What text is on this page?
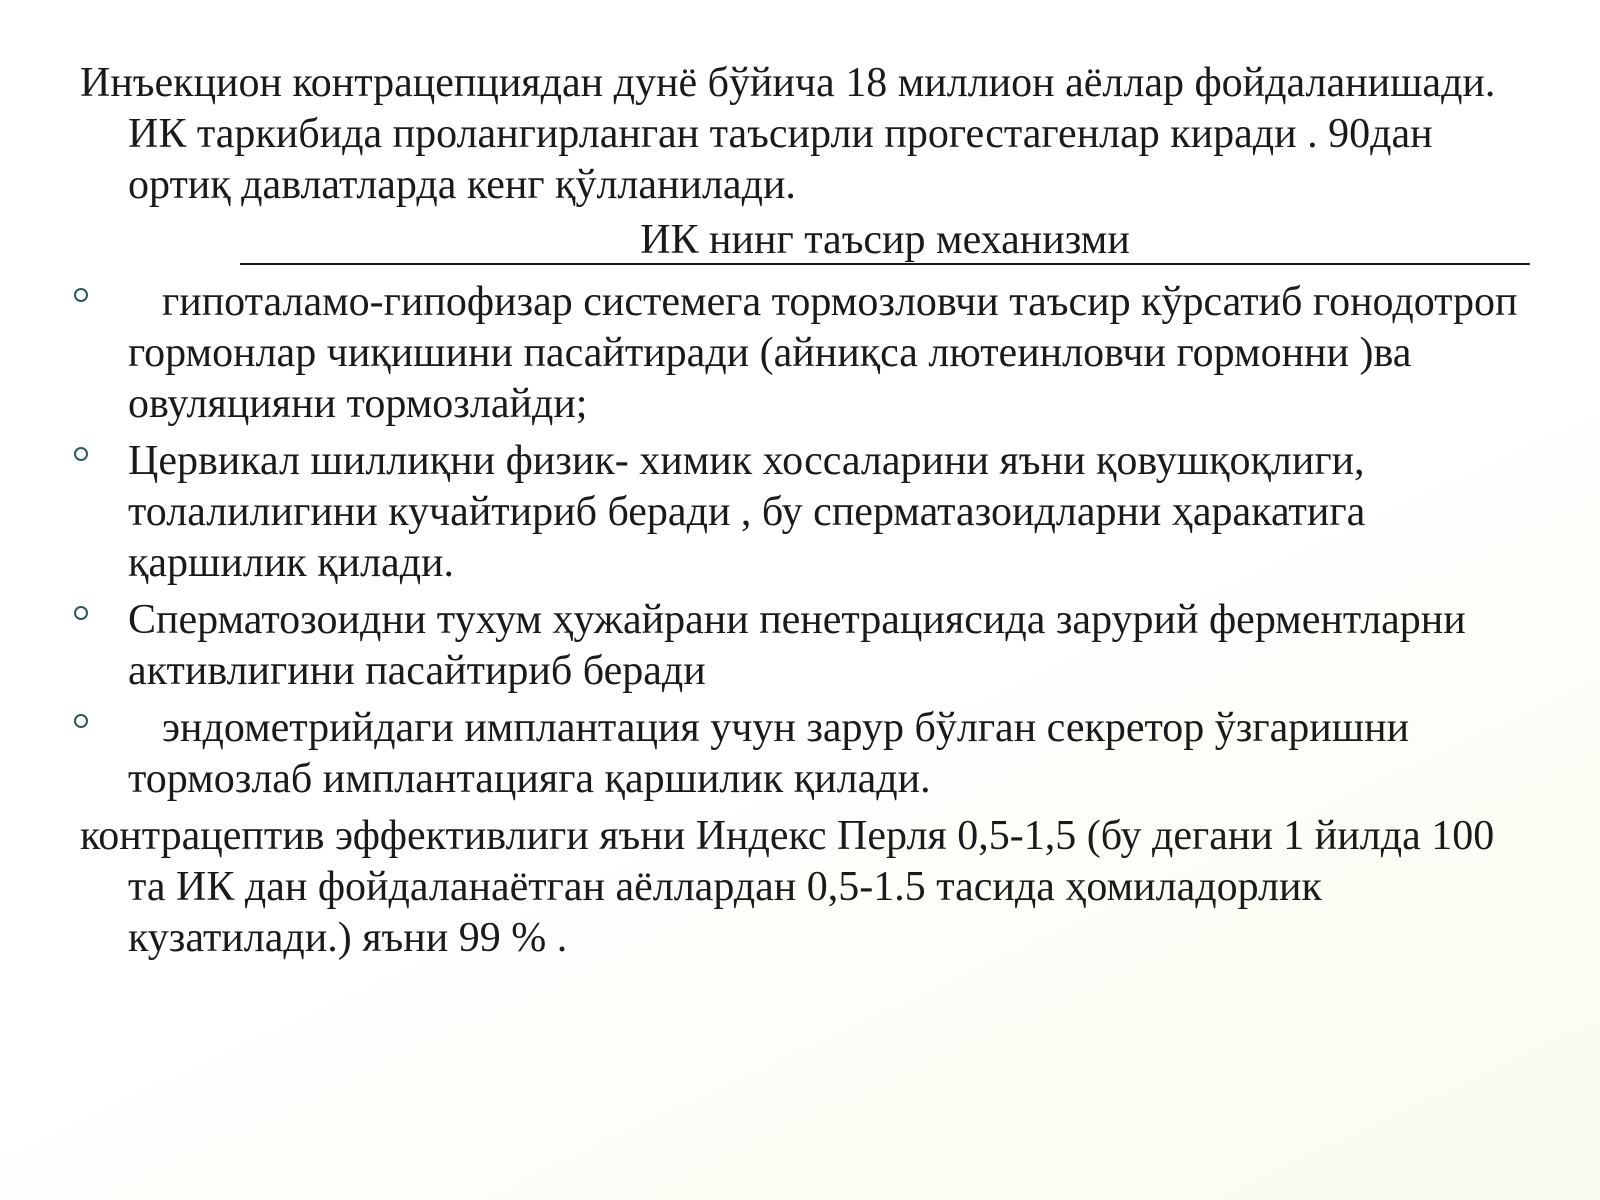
Инъекцион контрацепциядан дунё бўйича 18 миллион аёллар фойдаланишади. ИК таркибида пролангирланган таъсирли прогестагенлар киради . 90дан ортиқ давлатларда кенг қўлланилади.

ИК нинг таъсир механизми
гипоталамо-гипофизар системега тормозловчи таъсир кўрсатиб гонодотроп гормонлар чиқишини пасайтиради (айниқса лютеинловчи гормонни )ва овуляцияни тормозлайди;
Цервикал шиллиқни физик- химик хоссаларини яъни қовушқоқлиги, толалилигини кучайтириб беради , бу сперматазоидларни ҳаракатига қаршилик қилади.
Сперматозоидни тухум ҳужайрани пенетрациясида зарурий ферментларни активлигини пасайтириб беради
эндометрийдаги имплантация учун зарур бўлган секретор ўзгаришни тормозлаб имплантацияга қаршилик қилади.

контрацептив эффективлиги яъни Индекс Перля 0,5-1,5 (бу дегани 1 йилда 100 та ИК дан фойдаланаётган аёллардан 0,5-1.5 тасида ҳомиладорлик кузатилади.) яъни 99 % .
